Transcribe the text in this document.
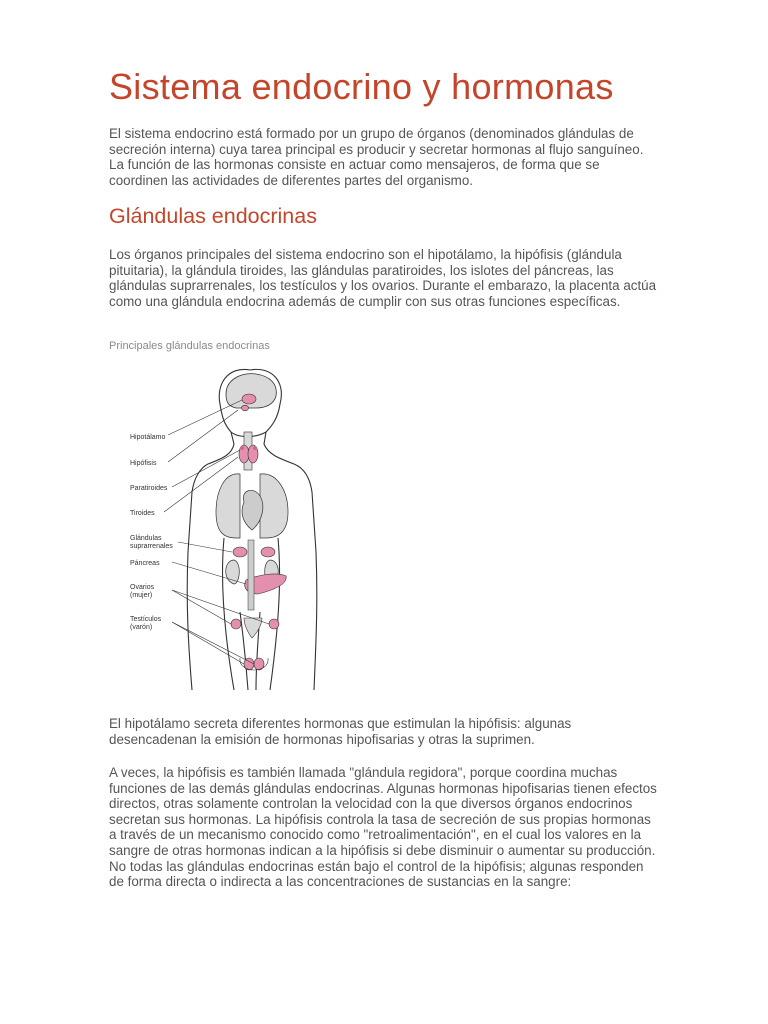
Sistema endocrino y hormonas

El sistema endocrino está formado por un grupo de órganos (denominados glándulas de secreción interna) cuya tarea principal es producir y secretar hormonas al flujo sanguíneo. La función de las hormonas consiste en actuar como mensajeros, de forma que se coordinen las actividades de diferentes partes del organismo.

Glándulas endocrinas

Los órganos principales del sistema endocrino son el hipotálamo, la hipófisis (glándula pituitaria), la glándula tiroides, las glándulas paratiroides, los islotes del páncreas, las glándulas suprarrenales, los testículos y los ovarios. Durante el embarazo, la placenta actúa como una glándula endocrina además de cumplir con sus otras funciones específicas.

Principales glándulas endocrinas
Hipotálamo
Hipófisis
Paratiroides
Tiroides
Glándulas
suprarrenales
Páncreas
Ovarios
(mujer)
Testículos
(varón)

El hipotálamo secreta diferentes hormonas que estimulan la hipófisis: algunas desencadenan la emisión de hormonas hipofisarias y otras la suprimen.

A veces, la hipófisis es también llamada "glándula regidora", porque coordina muchas funciones de las demás glándulas endocrinas. Algunas hormonas hipofisarias tienen efectos directos, otras solamente controlan la velocidad con la que diversos órganos endocrinos secretan sus hormonas. La hipófisis controla la tasa de secreción de sus propias hormonas a través de un mecanismo conocido como "retroalimentación", en el cual los valores en la sangre de otras hormonas indican a la hipófisis si debe disminuir o aumentar su producción. No todas las glándulas endocrinas están bajo el control de la hipófisis; algunas responden de forma directa o indirecta a las concentraciones de sustancias en la sangre:
